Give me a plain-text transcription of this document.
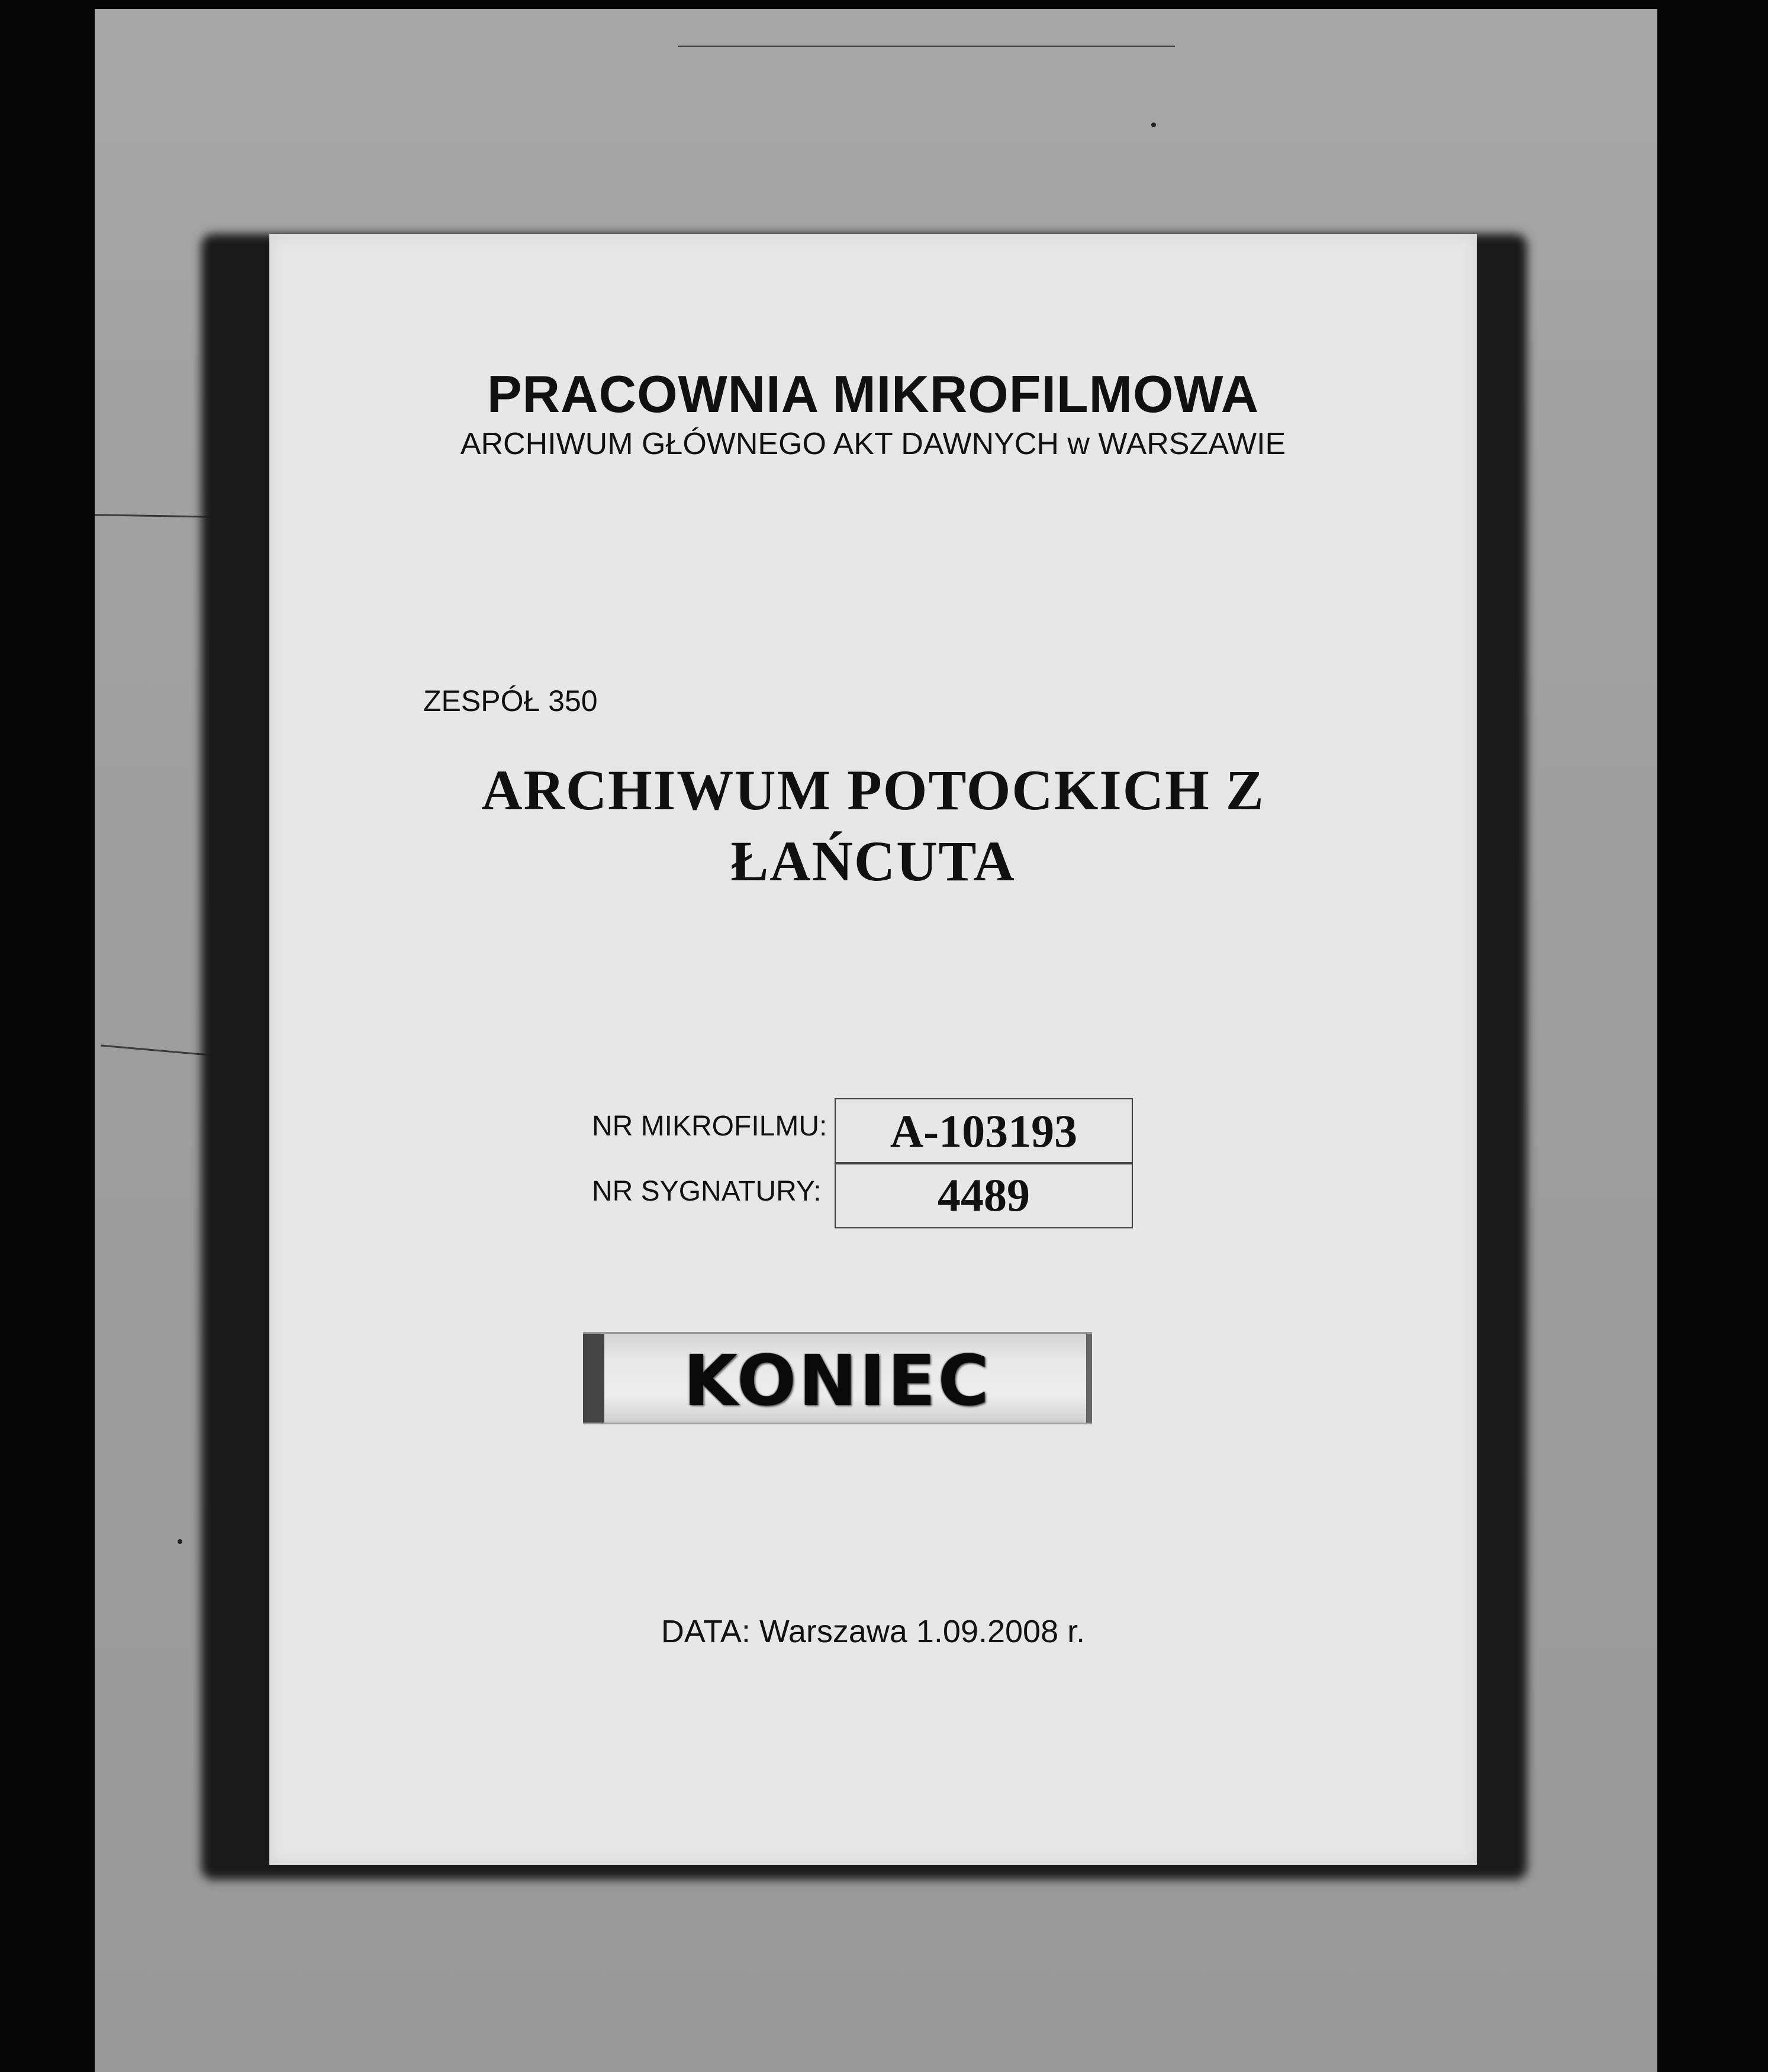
PRACOWNIA MIKROFILMOWA
ARCHIWUM GŁÓWNEGO AKT DAWNYCH w WARSZAWIE
ZESPÓŁ 350
ARCHIWUM POTOCKICH Z
ŁAŃCUTA
NR MIKROFILMU:	A-103193
NR SYGNATURY:	4489
KONIEC
DATA: Warszawa 1.09.2008 r.
